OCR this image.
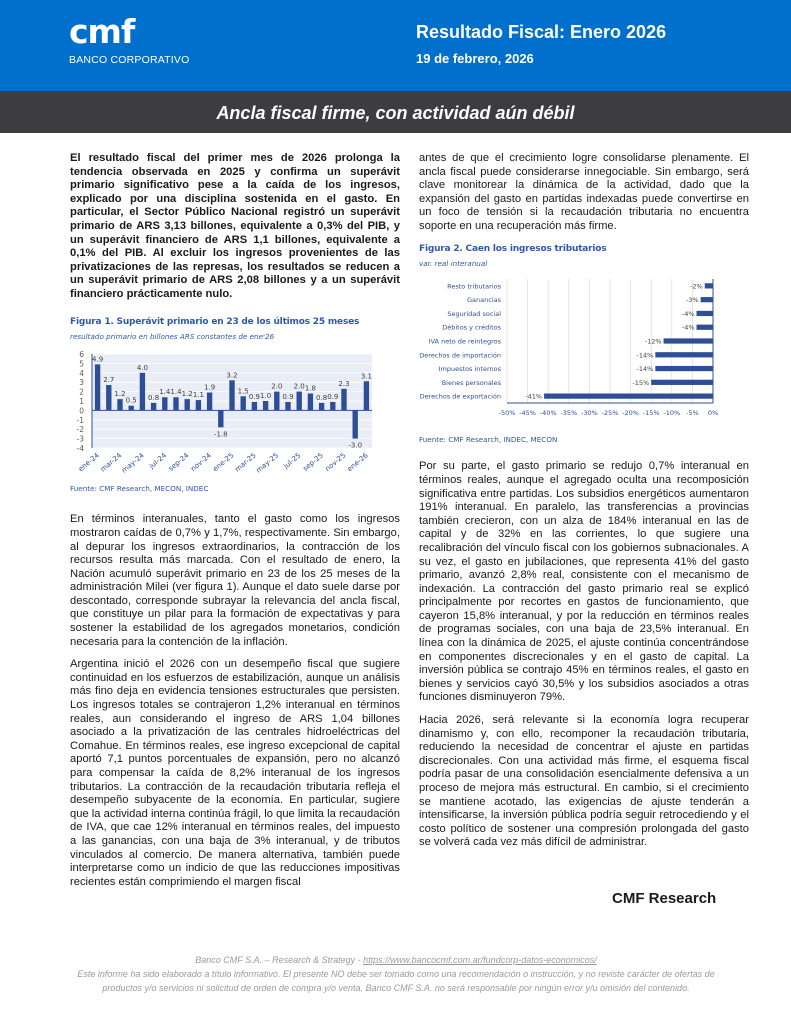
cmf
BANCO CORPORATIVO
Resultado Fiscal: Enero 2026
19 de febrero, 2026
Ancla fiscal firme, con actividad aún débil
El resultado fiscal del primer mes de 2026 prolonga la tendencia observada en 2025 y confirma un superávit primario significativo pese a la caída de los ingresos, explicado por una disciplina sostenida en el gasto. En particular, el Sector Público Nacional registró un superávit primario de ARS 3,13 billones, equivalente a 0,3% del PIB, y un superávit financiero de ARS 1,1 billones, equivalente a 0,1% del PIB. Al excluir los ingresos provenientes de las privatizaciones de las represas, los resultados se reducen a un superávit primario de ARS 2,08 billones y a un superávit financiero prácticamente nulo.
Figura 1. Superávit primario en 23 de los últimos 25 meses
resultado primario en billones ARS constantes de ene'26
6
5
4
3
2
1
0
-1
-2
-3
-4
4.9
2.7
1.2
0.5
4.0
0.8
1.4 1.4 1.2 1.1
1.9
-1.8
3.2
1.5
0.9 1.0
2.0
0.9
2.0 1.8
0.8 0.9
2.3
-3.0
3.1
ene-24
mar-24
may-24 jul-24
sep-24
nov-24
ene-25
mar-25
may-25 jul-25
sep-25
nov-25
ene-26
Fuente: CMF Research, MECON, INDEC
En términos interanuales, tanto el gasto como los ingresos mostraron caídas de 0,7% y 1,7%, respectivamente. Sin embargo, al depurar los ingresos extraordinarios, la contracción de los recursos resulta más marcada. Con el resultado de enero, la Nación acumuló superávit primario en 23 de los 25 meses de la administración Milei (ver figura 1). Aunque el dato suele darse por descontado, corresponde subrayar la relevancia del ancla fiscal, que constituye un pilar para la formación de expectativas y para sostener la estabilidad de los agregados monetarios, condición necesaria para la contención de la inflación.
Argentina inició el 2026 con un desempeño fiscal que sugiere continuidad en los esfuerzos de estabilización, aunque un análisis más fino deja en evidencia tensiones estructurales que persisten. Los ingresos totales se contrajeron 1,2% interanual en términos reales, aun considerando el ingreso de ARS 1,04 billones asociado a la privatización de las centrales hidroeléctricas del Comahue. En términos reales, ese ingreso excepcional de capital aportó 7,1 puntos porcentuales de expansión, pero no alcanzó para compensar la caída de 8,2% interanual de los ingresos tributarios. La contracción de la recaudación tributaria refleja el desempeño subyacente de la economía. En particular, sugiere que la actividad interna continúa frágil, lo que limita la recaudación de IVA, que cae 12% interanual en términos reales, del impuesto a las ganancias, con una baja de 3% interanual, y de tributos vinculados al comercio. De manera alternativa, también puede interpretarse como un indicio de que las reducciones impositivas recientes están comprimiendo el margen fiscal
antes de que el crecimiento logre consolidarse plenamente. El ancla fiscal puede considerarse innegociable. Sin embargo, será clave monitorear la dinámica de la actividad, dado que la expansión del gasto en partidas indexadas puede convertirse en un foco de tensión si la recaudación tributaria no encuentra soporte en una recuperación más firme.
Figura 2. Caen los ingresos tributarios
var. real interanual
-50% -45% -40% -35% -30% -25% -20% -15% -10% -5% 0%
Resto tributarios	-2%
Ganancias	-3%
Seguridad social	-4%
Débitos y créditos	-4%
IVA neto de reintegros	-12%
Derechos de importación	-14%
Impuestos internos	-14%
Bienes personales	-15%
Derechos de exportación	-41%
Fuente: CMF Research, INDEC, MECON
Por su parte, el gasto primario se redujo 0,7% interanual en términos reales, aunque el agregado oculta una recomposición significativa entre partidas. Los subsidios energéticos aumentaron 191% interanual. En paralelo, las transferencias a provincias también crecieron, con un alza de 184% interanual en las de capital y de 32% en las corrientes, lo que sugiere una recalibración del vínculo fiscal con los gobiernos subnacionales. A su vez, el gasto en jubilaciones, que representa 41% del gasto primario, avanzó 2,8% real, consistente con el mecanismo de indexación. La contracción del gasto primario real se explicó principalmente por recortes en gastos de funcionamiento, que cayeron 15,8% interanual, y por la reducción en términos reales de programas sociales, con una baja de 23,5% interanual. En línea con la dinámica de 2025, el ajuste continúa concentrándose en componentes discrecionales y en el gasto de capital. La inversión pública se contrajo 45% en términos reales, el gasto en bienes y servicios cayó 30,5% y los subsidios asociados a otras funciones disminuyeron 79%.
Hacia 2026, será relevante si la economía logra recuperar dinamismo y, con ello, recomponer la recaudación tributaria, reduciendo la necesidad de concentrar el ajuste en partidas discrecionales. Con una actividad más firme, el esquema fiscal podría pasar de una consolidación esencialmente defensiva a un proceso de mejora más estructural. En cambio, si el crecimiento se mantiene acotado, las exigencias de ajuste tenderán a intensificarse, la inversión pública podría seguir retrocediendo y el costo político de sostener una compresión prolongada del gasto se volverá cada vez más difícil de administrar.
CMF Research
Banco CMF S.A. – Research & Strategy - https://www.bancocmf.com.ar/fundcorp-datos-economicos/
Este informe ha sido elaborado a título informativo. El presente NO debe ser tomado como una recomendación o instrucción, y no reviste carácter de ofertas de productos y/o servicios ni solicitud de orden de compra y/o venta. Banco CMF S.A. no será responsable por ningún error y/u omisión del contenido.
